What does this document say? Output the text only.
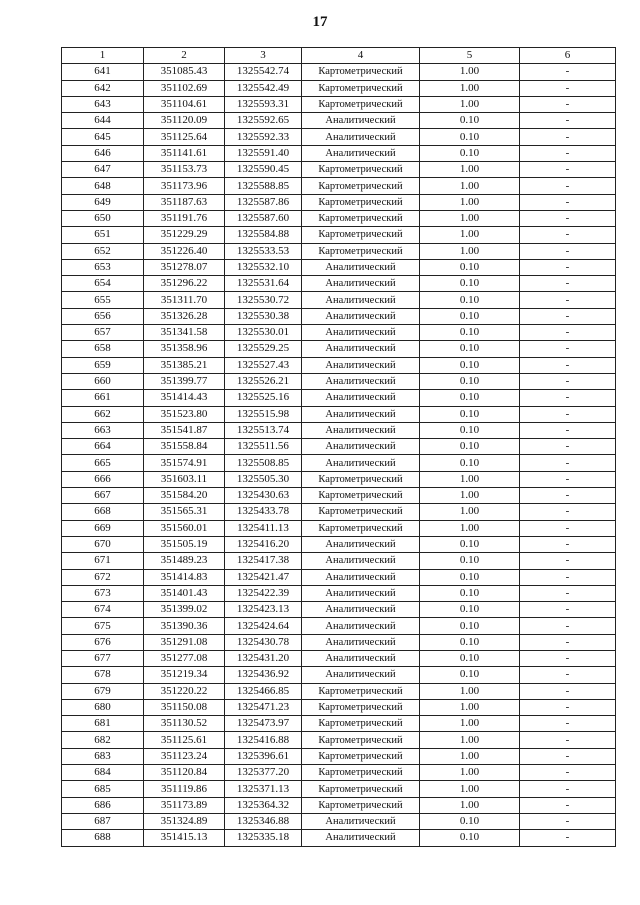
17
1	2	3	4	5	6
641	351085.43	1325542.74	Картометрический	1.00	-
642	351102.69	1325542.49	Картометрический	1.00	-
643	351104.61	1325593.31	Картометрический	1.00	-
644	351120.09	1325592.65	Аналитический	0.10	-
645	351125.64	1325592.33	Аналитический	0.10	-
646	351141.61	1325591.40	Аналитический	0.10	-
647	351153.73	1325590.45	Картометрический	1.00	-
648	351173.96	1325588.85	Картометрический	1.00	-
649	351187.63	1325587.86	Картометрический	1.00	-
650	351191.76	1325587.60	Картометрический	1.00	-
651	351229.29	1325584.88	Картометрический	1.00	-
652	351226.40	1325533.53	Картометрический	1.00	-
653	351278.07	1325532.10	Аналитический	0.10	-
654	351296.22	1325531.64	Аналитический	0.10	-
655	351311.70	1325530.72	Аналитический	0.10	-
656	351326.28	1325530.38	Аналитический	0.10	-
657	351341.58	1325530.01	Аналитический	0.10	-
658	351358.96	1325529.25	Аналитический	0.10	-
659	351385.21	1325527.43	Аналитический	0.10	-
660	351399.77	1325526.21	Аналитический	0.10	-
661	351414.43	1325525.16	Аналитический	0.10	-
662	351523.80	1325515.98	Аналитический	0.10	-
663	351541.87	1325513.74	Аналитический	0.10	-
664	351558.84	1325511.56	Аналитический	0.10	-
665	351574.91	1325508.85	Аналитический	0.10	-
666	351603.11	1325505.30	Картометрический	1.00	-
667	351584.20	1325430.63	Картометрический	1.00	-
668	351565.31	1325433.78	Картометрический	1.00	-
669	351560.01	1325411.13	Картометрический	1.00	-
670	351505.19	1325416.20	Аналитический	0.10	-
671	351489.23	1325417.38	Аналитический	0.10	-
672	351414.83	1325421.47	Аналитический	0.10	-
673	351401.43	1325422.39	Аналитический	0.10	-
674	351399.02	1325423.13	Аналитический	0.10	-
675	351390.36	1325424.64	Аналитический	0.10	-
676	351291.08	1325430.78	Аналитический	0.10	-
677	351277.08	1325431.20	Аналитический	0.10	-
678	351219.34	1325436.92	Аналитический	0.10	-
679	351220.22	1325466.85	Картометрический	1.00	-
680	351150.08	1325471.23	Картометрический	1.00	-
681	351130.52	1325473.97	Картометрический	1.00	-
682	351125.61	1325416.88	Картометрический	1.00	-
683	351123.24	1325396.61	Картометрический	1.00	-
684	351120.84	1325377.20	Картометрический	1.00	-
685	351119.86	1325371.13	Картометрический	1.00	-
686	351173.89	1325364.32	Картометрический	1.00	-
687	351324.89	1325346.88	Аналитический	0.10	-
688	351415.13	1325335.18	Аналитический	0.10	-
